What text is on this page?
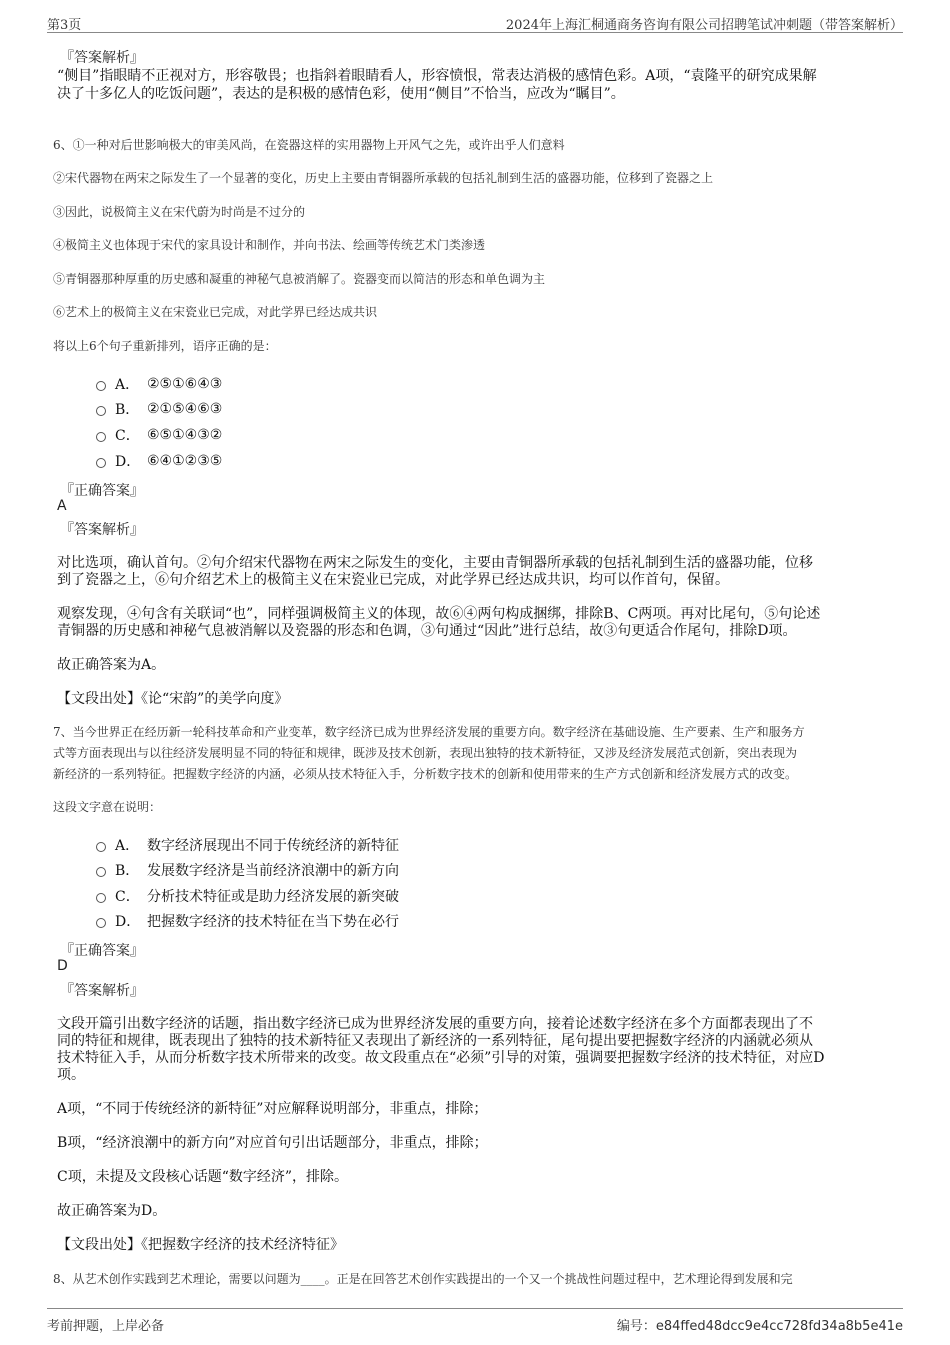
第3页	2024年上海汇桐通商务咨询有限公司招聘笔试冲刺题（带答案解析）
『答案解析』
“侧目”指眼睛不正视对方，形容敬畏；也指斜着眼睛看人，形容愤恨，常表达消极的感情色彩。A项，“袁隆平的研究成果解
决了十多亿人的吃饭问题”，表达的是积极的感情色彩，使用“侧目”不恰当，应改为“瞩目”。
6、①一种对后世影响极大的审美风尚，在瓷器这样的实用器物上开风气之先，或许出乎人们意料
②宋代器物在两宋之际发生了一个显著的变化，历史上主要由青铜器所承载的包括礼制到生活的盛器功能，位移到了瓷器之上
③因此，说极简主义在宋代蔚为时尚是不过分的
④极简主义也体现于宋代的家具设计和制作，并向书法、绘画等传统艺术门类渗透
⑤青铜器那种厚重的历史感和凝重的神秘气息被消解了。瓷器变而以简洁的形态和单色调为主
⑥艺术上的极简主义在宋瓷业已完成，对此学界已经达成共识
将以上6个句子重新排列，语序正确的是：
A． ②⑤①⑥④③
B． ②①⑤④⑥③
C． ⑥⑤①④③②
D． ⑥④①②③⑤
『正确答案』
A
『答案解析』
对比选项，确认首句。②句介绍宋代器物在两宋之际发生的变化，主要由青铜器所承载的包括礼制到生活的盛器功能，位移
到了瓷器之上，⑥句介绍艺术上的极简主义在宋瓷业已完成，对此学界已经达成共识，均可以作首句，保留。
观察发现，④句含有关联词“也”，同样强调极简主义的体现，故⑥④两句构成捆绑，排除B、C两项。再对比尾句，⑤句论述
青铜器的历史感和神秘气息被消解以及瓷器的形态和色调，③句通过“因此”进行总结，故③句更适合作尾句，排除D项。
故正确答案为A。
【文段出处】《论“宋韵”的美学向度》
7、当今世界正在经历新一轮科技革命和产业变革，数字经济已成为世界经济发展的重要方向。数字经济在基础设施、生产要素、生产和服务方
式等方面表现出与以往经济发展明显不同的特征和规律，既涉及技术创新，表现出独特的技术新特征，又涉及经济发展范式创新，突出表现为
新经济的一系列特征。把握数字经济的内涵，必须从技术特征入手，分析数字技术的创新和使用带来的生产方式创新和经济发展方式的改变。
这段文字意在说明：
A． 数字经济展现出不同于传统经济的新特征
B． 发展数字经济是当前经济浪潮中的新方向
C． 分析技术特征或是助力经济发展的新突破
D． 把握数字经济的技术特征在当下势在必行
『正确答案』
D
『答案解析』
文段开篇引出数字经济的话题，指出数字经济已成为世界经济发展的重要方向，接着论述数字经济在多个方面都表现出了不
同的特征和规律，既表现出了独特的技术新特征又表现出了新经济的一系列特征，尾句提出要把握数字经济的内涵就必须从
技术特征入手，从而分析数字技术所带来的改变。故文段重点在“必须”引导的对策，强调要把握数字经济的技术特征，对应D
项。
A项，“不同于传统经济的新特征”对应解释说明部分，非重点，排除；
B项，“经济浪潮中的新方向”对应首句引出话题部分，非重点，排除；
C项，未提及文段核心话题“数字经济”，排除。
故正确答案为D。
【文段出处】《把握数字经济的技术经济特征》
8、从艺术创作实践到艺术理论，需要以问题为____。正是在回答艺术创作实践提出的一个又一个挑战性问题过程中，艺术理论得到发展和完
考前押题，上岸必备	编号：e84ffed48dcc9e4cc728fd34a8b5e41e
